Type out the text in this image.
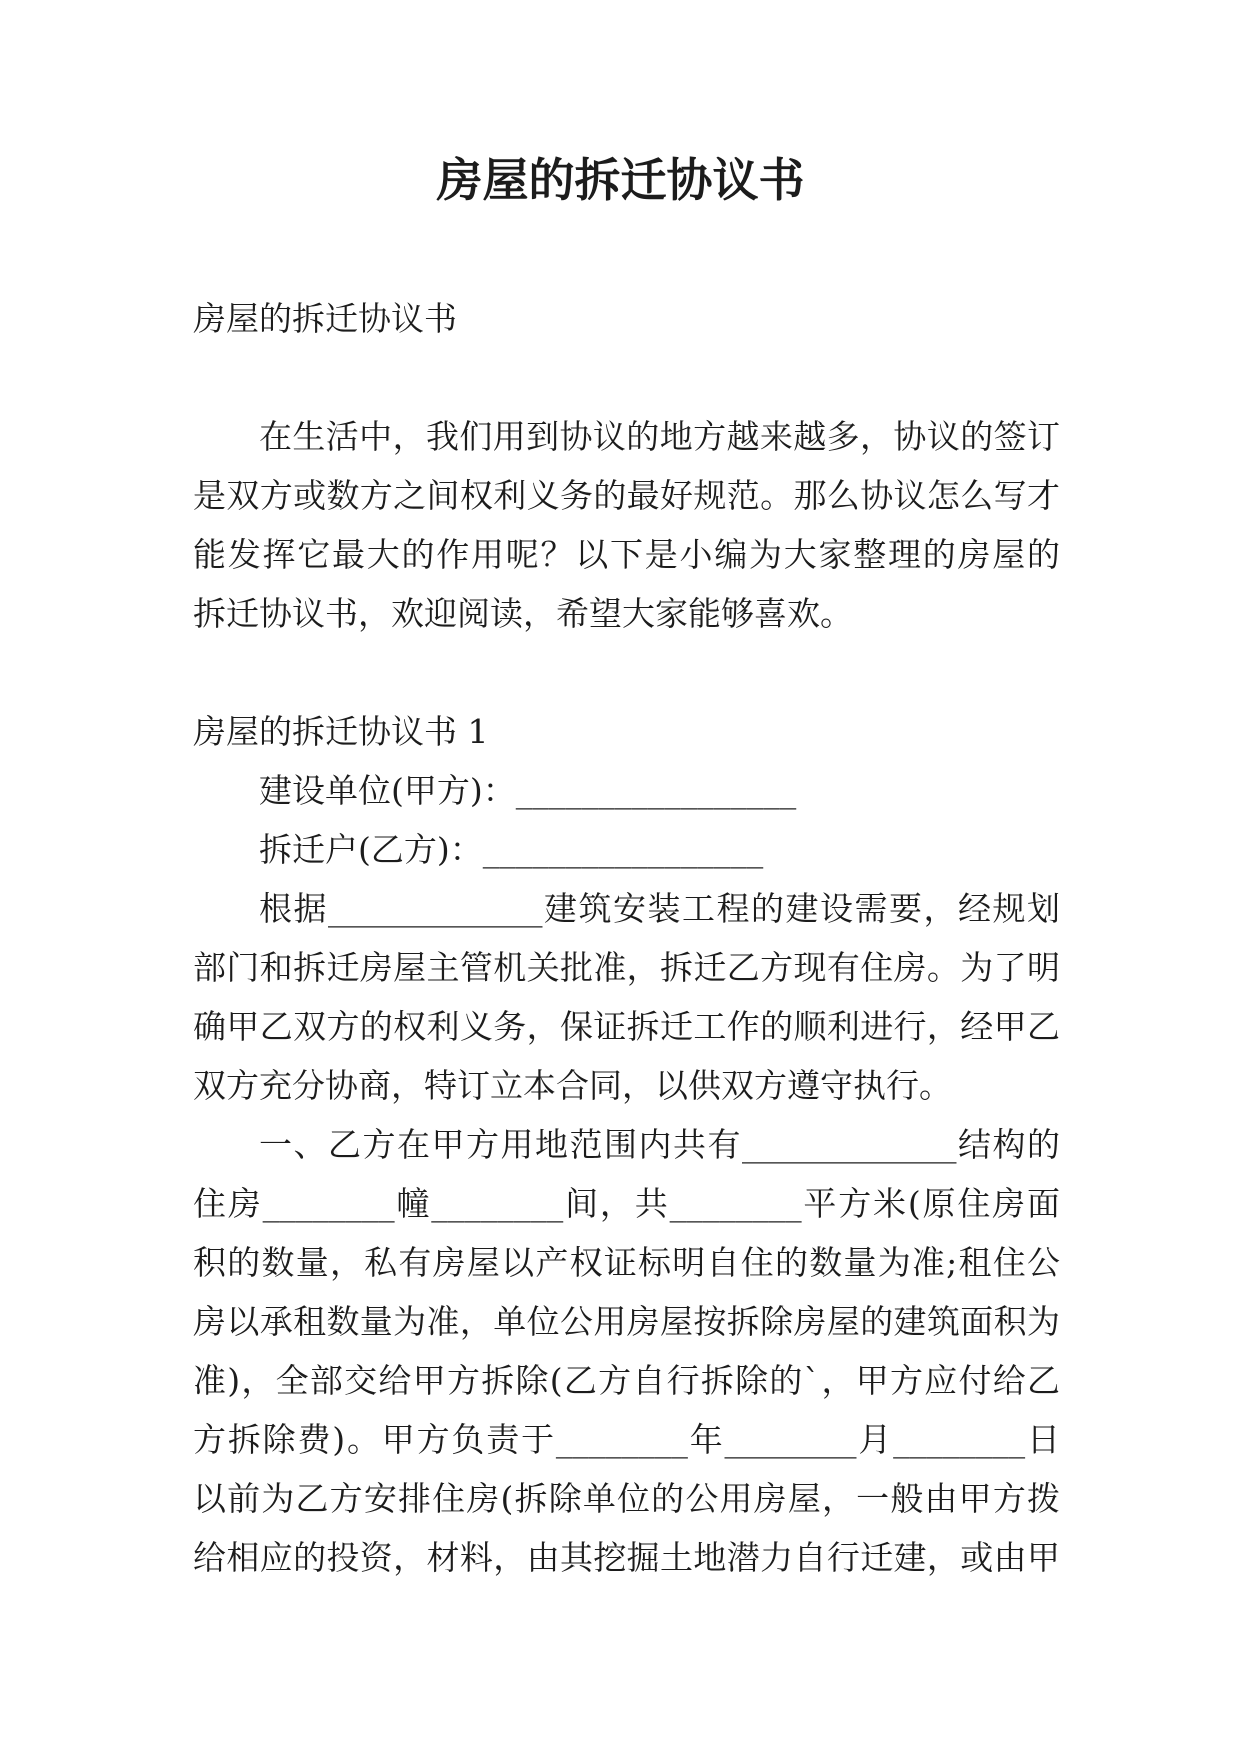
房屋的拆迁协议书
房屋的拆迁协议书
在生活中，我们用到协议的地方越来越多，协议的签订
是双方或数方之间权利义务的最好规范。那么协议怎么写才
能发挥它最大的作用呢？以下是小编为大家整理的房屋的
拆迁协议书，欢迎阅读，希望大家能够喜欢。
房屋的拆迁协议书 1
建设单位(甲方)：_________________
拆迁户(乙方)：_________________
根据_____________建筑安装工程的建设需要，经规划
部门和拆迁房屋主管机关批准，拆迁乙方现有住房。为了明
确甲乙双方的权利义务，保证拆迁工作的顺利进行，经甲乙
双方充分协商，特订立本合同，以供双方遵守执行。
一、乙方在甲方用地范围内共有_____________结构的
住房________幢________间，共________平方米(原住房面
积的数量，私有房屋以产权证标明自住的数量为准;租住公
房以承租数量为准，单位公用房屋按拆除房屋的建筑面积为
准)，全部交给甲方拆除(乙方自行拆除的`，甲方应付给乙
方拆除费)。甲方负责于________年________月________日
以前为乙方安排住房(拆除单位的公用房屋，一般由甲方拨
给相应的投资，材料，由其挖掘土地潜力自行迁建，或由甲
